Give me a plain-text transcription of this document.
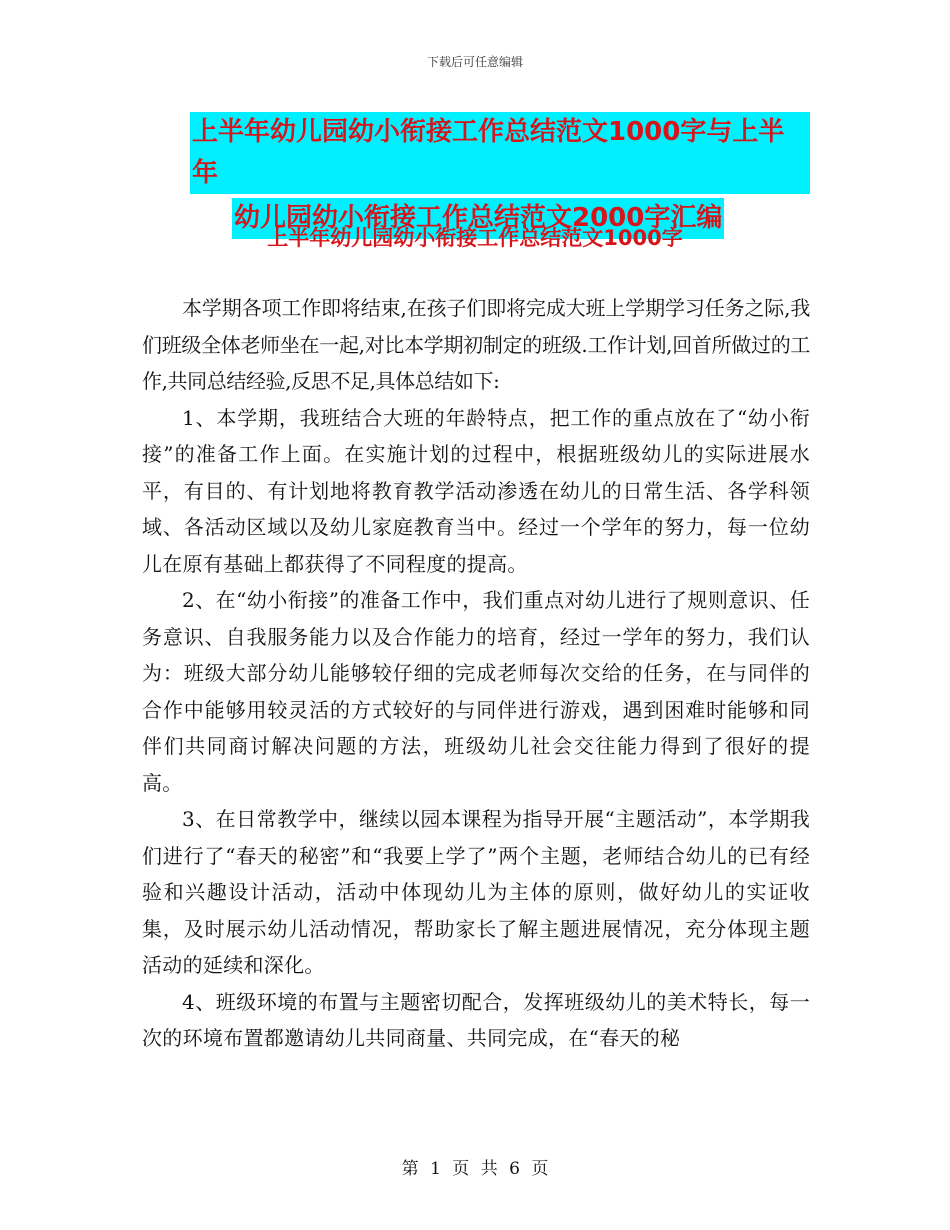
下载后可任意编辑
上半年幼儿园幼小衔接工作总结范文1000字与上半年
幼儿园幼小衔接工作总结范文2000字汇编
上半年幼儿园幼小衔接工作总结范文1000字

本学期各项工作即将结束,在孩子们即将完成大班上学期学习任务之际,我们班级全体老师坐在一起,对比本学期初制定的班级.工作计划,回首所做过的工作,共同总结经验,反思不足,具体总结如下:

1、本学期，我班结合大班的年龄特点，把工作的重点放在了“幼小衔接”的准备工作上面。在实施计划的过程中，根据班级幼儿的实际进展水平，有目的、有计划地将教育教学活动渗透在幼儿的日常生活、各学科领域、各活动区域以及幼儿家庭教育当中。经过一个学年的努力，每一位幼儿在原有基础上都获得了不同程度的提高。

2、在“幼小衔接”的准备工作中，我们重点对幼儿进行了规则意识、任务意识、自我服务能力以及合作能力的培育，经过一学年的努力，我们认为：班级大部分幼儿能够较仔细的完成老师每次交给的任务，在与同伴的合作中能够用较灵活的方式较好的与同伴进行游戏，遇到困难时能够和同伴们共同商讨解决问题的方法，班级幼儿社会交往能力得到了很好的提高。

3、在日常教学中，继续以园本课程为指导开展“主题活动”，本学期我们进行了“春天的秘密”和“我要上学了”两个主题，老师结合幼儿的已有经验和兴趣设计活动，活动中体现幼儿为主体的原则，做好幼儿的实证收集，及时展示幼儿活动情况，帮助家长了解主题进展情况，充分体现主题活动的延续和深化。

4、班级环境的布置与主题密切配合，发挥班级幼儿的美术特长，每一次的环境布置都邀请幼儿共同商量、共同完成，在“春天的秘

第 1 页 共 6 页
